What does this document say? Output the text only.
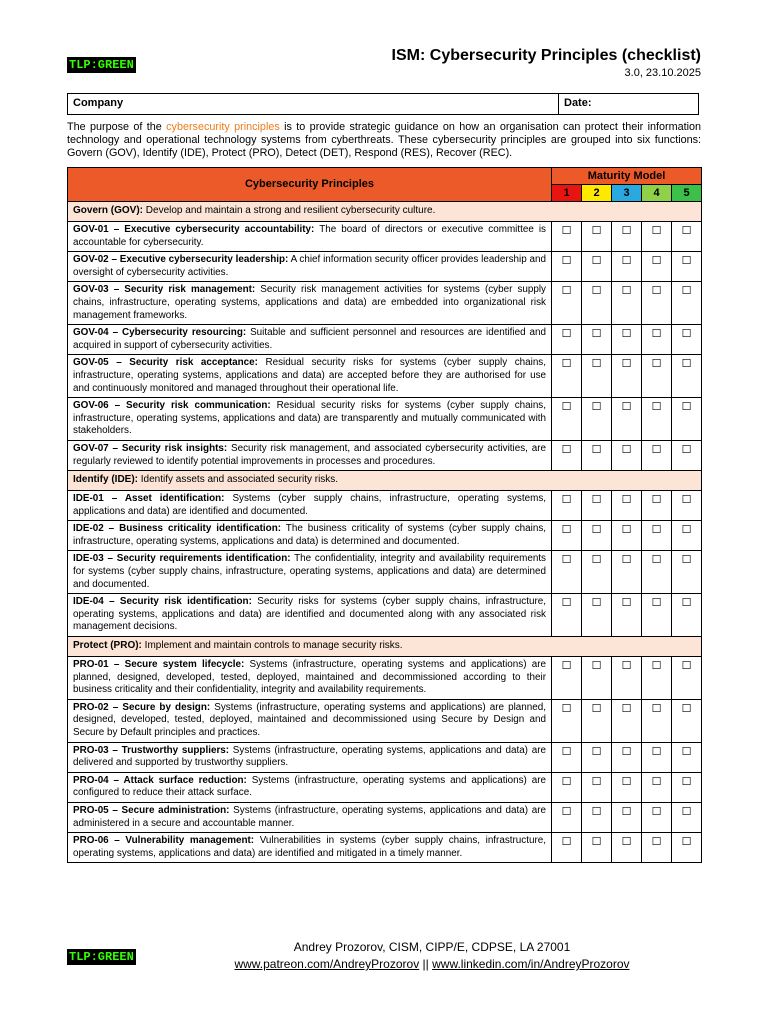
TLP:GREEN
ISM: Cybersecurity Principles (checklist)
3.0, 23.10.2025
Company	Date:
The purpose of the cybersecurity principles is to provide strategic guidance on how an organisation can protect their information technology and operational technology systems from cyberthreats. These cybersecurity principles are grouped into six functions: Govern (GOV), Identify (IDE), Protect (PRO), Detect (DET), Respond (RES), Recover (REC).
Cybersecurity Principles	Maturity Model				
	1	2	3	4	5
Govern (GOV): Develop and maintain a strong and resilient cybersecurity culture.					
GOV-01 – Executive cybersecurity accountability: The board of directors or executive committee is accountable for cybersecurity.	☐	☐	☐	☐	☐
GOV-02 – Executive cybersecurity leadership: A chief information security officer provides leadership and oversight of cybersecurity activities.	☐	☐	☐	☐	☐
GOV-03 – Security risk management: Security risk management activities for systems (cyber supply chains, infrastructure, operating systems, applications and data) are embedded into organizational risk management frameworks.	☐	☐	☐	☐	☐
GOV-04 – Cybersecurity resourcing: Suitable and sufficient personnel and resources are identified and acquired in support of cybersecurity activities.	☐	☐	☐	☐	☐
GOV-05 – Security risk acceptance: Residual security risks for systems (cyber supply chains, infrastructure, operating systems, applications and data) are accepted before they are authorised for use and continuously monitored and managed throughout their operational life.	☐	☐	☐	☐	☐
GOV-06 – Security risk communication: Residual security risks for systems (cyber supply chains, infrastructure, operating systems, applications and data) are transparently and mutually communicated with stakeholders.	☐	☐	☐	☐	☐
GOV-07 – Security risk insights: Security risk management, and associated cybersecurity activities, are regularly reviewed to identify potential improvements in processes and procedures.	☐	☐	☐	☐	☐
Identify (IDE): Identify assets and associated security risks.					
IDE-01 – Asset identification: Systems (cyber supply chains, infrastructure, operating systems, applications and data) are identified and documented.	☐	☐	☐	☐	☐
IDE-02 – Business criticality identification: The business criticality of systems (cyber supply chains, infrastructure, operating systems, applications and data) is determined and documented.	☐	☐	☐	☐	☐
IDE-03 – Security requirements identification: The confidentiality, integrity and availability requirements for systems (cyber supply chains, infrastructure, operating systems, applications and data) are determined and documented.	☐	☐	☐	☐	☐
IDE-04 – Security risk identification: Security risks for systems (cyber supply chains, infrastructure, operating systems, applications and data) are identified and documented along with any associated risk management decisions.	☐	☐	☐	☐	☐
Protect (PRO): Implement and maintain controls to manage security risks.					
PRO-01 – Secure system lifecycle: Systems (infrastructure, operating systems and applications) are planned, designed, developed, tested, deployed, maintained and decommissioned according to their business criticality and their confidentiality, integrity and availability requirements.	☐	☐	☐	☐	☐
PRO-02 – Secure by design: Systems (infrastructure, operating systems and applications) are planned, designed, developed, tested, deployed, maintained and decommissioned using Secure by Design and Secure by Default principles and practices.	☐	☐	☐	☐	☐
PRO-03 – Trustworthy suppliers: Systems (infrastructure, operating systems, applications and data) are delivered and supported by trustworthy suppliers.	☐	☐	☐	☐	☐
PRO-04 – Attack surface reduction: Systems (infrastructure, operating systems and applications) are configured to reduce their attack surface.	☐	☐	☐	☐	☐
PRO-05 – Secure administration: Systems (infrastructure, operating systems, applications and data) are administered in a secure and accountable manner.	☐	☐	☐	☐	☐
PRO-06 – Vulnerability management: Vulnerabilities in systems (cyber supply chains, infrastructure, operating systems, applications and data) are identified and mitigated in a timely manner.	☐	☐	☐	☐	☐
TLP:GREEN
Andrey Prozorov, CISM, CIPP/E, CDPSE, LA 27001
www.patreon.com/AndreyProzorov || www.linkedin.com/in/AndreyProzorov
